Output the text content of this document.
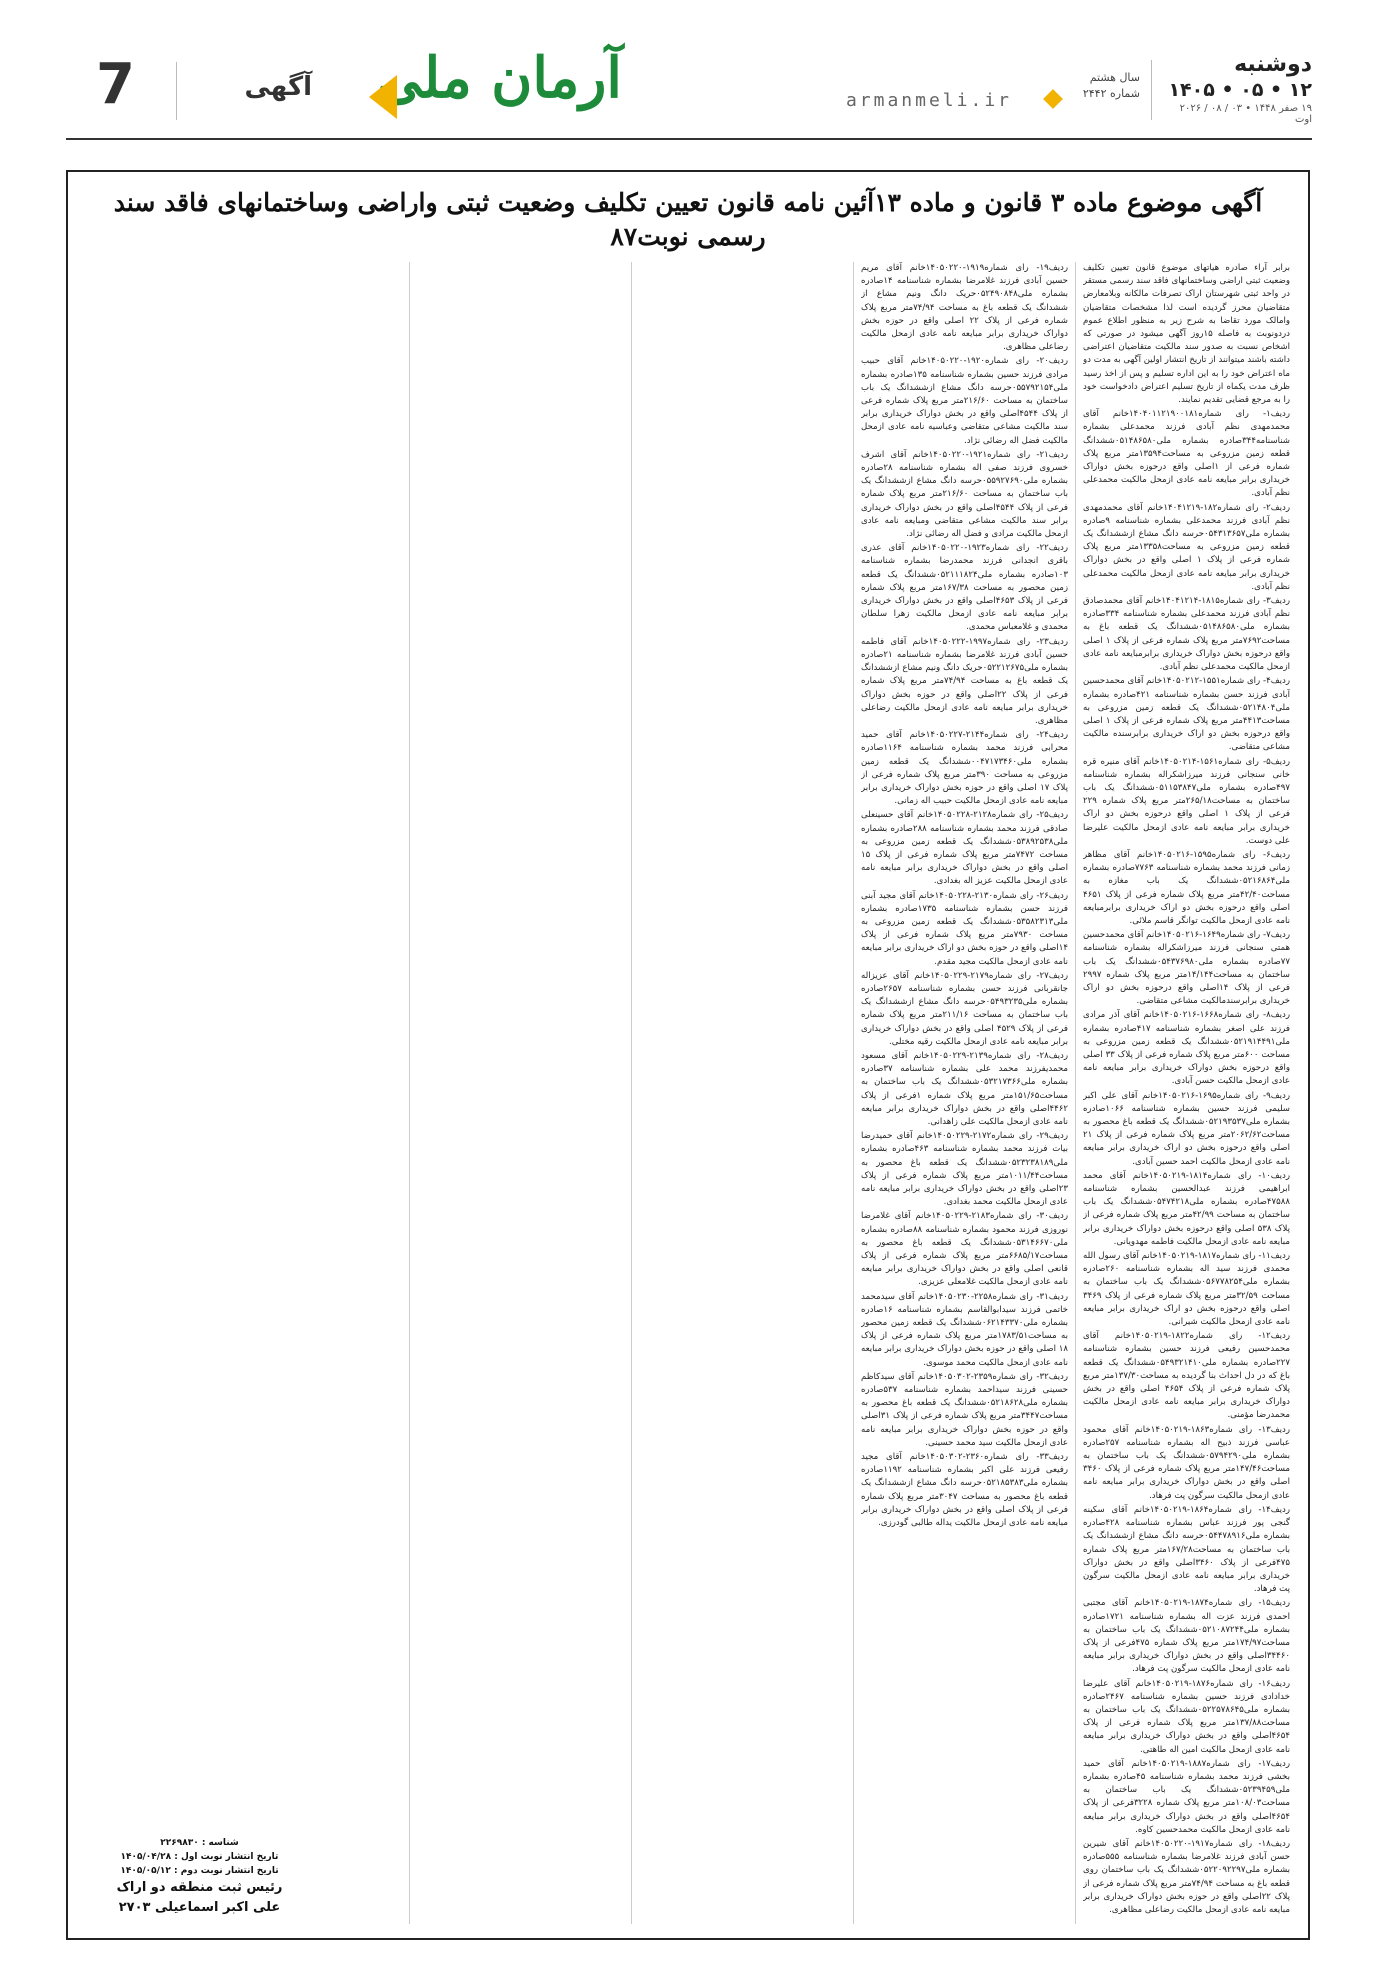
دوشنبه
۱۲ • ۰۵ • ۱۴۰۵
۱۹ صفر ۱۴۴۸ • ۰۳ / ۰۸ / ۲۰۲۶ اوت
سال هشتم
شماره ۲۴۴۲
armanmeli.ir
آرمان ملی
آگهی
7
آگهی موضوع ماده ۳ قانون و ماده ۱۳آئین نامه قانون تعیین تکلیف وضعیت ثبتی واراضی وساختمانهای فاقد سند رسمی نوبت۸۷

برابر آراء صادره هیاتهای موضوع قانون تعیین تکلیف وضعیت ثبتی اراضی وساختمانهای فاقد سند رسمی مستقر در واحد ثبتی شهرستان اراک تصرفات مالکانه وبلامعارض متقاضیان محرز گردیده است لذا مشخصات متقاضیان وامالک مورد تقاضا به شرح زیر به منظور اطلاع عموم دردونوبت به فاصله ۱۵روز آگهی میشود در صورتی که اشخاص نسبت به صدور سند مالکیت متقاضیان اعتراضی داشته باشند میتوانند از تاریخ انتشار اولین آگهی به مدت دو ماه اعتراض خود را به این اداره تسلیم و پس از اخذ رسید ظرف مدت یکماه از تاریخ تسلیم اعتراض دادخواست خود را به مرجع قضایی تقدیم نمایند.

ردیف۱- رای شماره۱۴۰۴۰۱۱۲۱۹۰۰۱۸۱خانم آقای محمدمهدی نظم آبادی فرزند محمدعلی بشماره شناسنامه۳۴۴صادره بشماره ملی۰۵۱۴۸۶۵۸۰ششدانگ قطعه زمین مزروعی به مساحت۱۳۵۹۴متر مربع پلاک شماره فرعی از ۱اصلی واقع درحوزه بخش دواراک خریداری برابر مبایعه نامه عادی ازمحل مالکیت محمدعلی نظم آبادی.

ردیف۲- رای شماره۱۸۲-۱۴۰۴۱۲۱۹خانم آقای محمدمهدی نظم آبادی فرزند محمدعلی بشماره شناسنامه ۹صادره بشماره ملی۰۵۴۳۱۳۶۵۷حرسه دانگ مشاع ازششدانگ یک قطعه زمین مزروعی به مساحت۱۳۳۵۸متر مربع پلاک شماره فرعی از پلاک ۱ اصلی واقع در بخش دواراک خریداری برابر مبایعه نامه عادی ازمحل مالکیت محمدعلی نظم آبادی.

ردیف۳- رای شماره۱۸۱۵-۱۴۰۴۱۲۱۴خانم آقای محمدصادق نظم آبادی فرزند محمدعلی بشماره شناسنامه ۳۳۴صادره بشماره ملی۰۵۱۴۸۶۵۸۰ششدانگ یک قطعه باغ به مساحت۷۶۹۲متر مربع پلاک شماره فرعی از پلاک ۱ اصلی واقع درحوزه بخش دواراک خریداری برابرمبایعه نامه عادی ازمحل مالکیت محمدعلی نظم آبادی.

ردیف۴- رای شماره۱۵۵۱-۱۴۰۵۰۲۱۲خانم آقای محمدحسین آبادی فرزند حسن بشماره شناسنامه ۴۲۱صادره بشماره ملی۰۵۲۱۴۸۰۴ششدانگ یک قطعه زمین مزروعی به مساحت۴۴۱۳متر مربع پلاک شماره فرعی از پلاک ۱ اصلی واقع درحوزه بخش دو اراک خریداری برابرسنده مالکیت مشاعی متقاضی.

ردیف۵- رای شماره۱۵۶۱-۱۴۰۵۰۲۱۴خانم آقای منیره قره خانی سنجانی فرزند میرزاشکراله بشماره شناسنامه ۴۹۷صادره بشماره ملی۰۵۱۱۵۳۸۴۷ششدانگ یک باب ساختمان به مساحت۲۶۵/۱۸متر مربع پلاک شماره ۲۲۹ فرعی از پلاک ۱ اصلی واقع درحوزه بخش دو اراک خریداری برابر مبایعه نامه عادی ازمحل مالکیت علیرضا علی دوست.

ردیف۶- رای شماره۱۵۹۵-۱۴۰۵۰۲۱۶خانم آقای مظاهر زمانی فرزند محمد بشماره شناسنامه ۷۷۶۳صادره بشماره ملی۰۵۲۱۶۸۶۴ششدانگ یک باب مغازه به مساحت۴۲/۴۰متر مربع پلاک شماره فرعی از پلاک ۴۶۵۱ اصلی واقع درحوزه بخش دو اراک خریداری برابرمبایعه نامه عادی ازمحل مالکیت توانگر قاسم ملائی.

ردیف۷- رای شماره۱۶۴۹-۱۴۰۵۰۲۱۶خانم آقای محمدحسین همتی سنجانی فرزند میرزاشکراله بشماره شناسنامه ۷۷صادره بشماره ملی۰۵۴۳۷۶۹۸۰ششدانگ یک باب ساختمان به مساحت۱۴/۱۴۴متر مربع پلاک شماره ۲۹۹۷ فرعی از پلاک ۱۴اصلی واقع درحوزه بخش دو اراک خریداری برابرسندمالکیت مشاعی متقاضی.

ردیف۸- رای شماره۱۶۶۸-۱۴۰۵۰۲۱۶خانم آقای آذر مرادی فرزند علی اصغر بشماره شناسنامه ۴۱۷صادره بشماره ملی۰۵۲۱۹۱۴۴۹۱ششدانگ یک قطعه زمین مزروعی به مساحت ۶۰۰متر مربع پلاک شماره فرعی از پلاک ۳۳ اصلی واقع درحوزه بخش دواراک خریداری برابر مبایعه نامه عادی ازمحل مالکیت حسن آبادی.

ردیف۹- رای شماره۱۶۹۵-۱۴۰۵۰۲۱۶خانم آقای علی اکبر سلیمی فرزند حسین بشماره شناسنامه ۱۰۶۶صادره بشماره ملی۰۵۲۱۹۳۵۳۷ششدانگ یک قطعه باغ محصور به مساحت۲۰۶۲/۶۲متر مربع پلاک شماره فرعی از پلاک ۲۱ اصلی واقع درحوزه بخش دو اراک خریداری برابر مبایعه نامه عادی ازمحل مالکیت احمد حسین آبادی.

ردیف۱۰- رای شماره۱۸۱۴-۱۴۰۵۰۲۱۹خانم آقای محمد ابراهیمی فرزند عبدالحسین بشماره شناسنامه ۴۷۵۸۸صادره بشماره ملی۰۵۴۷۴۲۱۸ششدانگ یک باب ساختمان به مساحت ۴۲/۹۹متر مربع پلاک شماره فرعی از پلاک ۵۳۸ اصلی واقع درحوزه بخش دواراک خریداری برابر مبایعه نامه عادی ازمحل مالکیت فاطمه مهدویانی.

ردیف۱۱- رای شماره۱۸۱۷-۱۴۰۵۰۲۱۹خانم آقای رسول الله محمدی فرزند سید اله بشماره شناسنامه ۲۶۰صادره بشماره ملی۰۵۶۷۷۸۲۵۴ششدانگ یک باب ساختمان به مساحت ۳۲/۵۹متر مربع پلاک شماره فرعی از پلاک ۳۴۶۹ اصلی واقع درحوزه بخش دو اراک خریداری برابر مبایعه نامه عادی ازمحل مالکیت شیرانی.

ردیف۱۲- رای شماره۱۸۲۲-۱۴۰۵۰۲۱۹خانم آقای محمدحسین رفیعی فرزند حسین بشماره شناسنامه ۲۲۷صادره بشماره ملی۰۵۴۹۳۲۱۴۱۰ششدانگ یک قطعه باغ که در دل احداث بنا گردیده به مساحت۱۳۷/۳۰متر مربع پلاک شماره فرعی از پلاک ۴۶۵۴ اصلی واقع در بخش دواراک خریداری برابر مبایعه نامه عادی ازمحل مالکیت محمدرضا مؤمنی.

ردیف۱۳- رای شماره۱۸۶۳-۱۴۰۵۰۲۱۹خانم آقای محمود عباسی فرزند ذبیح اله بشماره شناسنامه ۲۵۷صادره بشماره ملی۰۵۷۹۴۲۹۰ششدانگ یک باب ساختمان به مساحت۱۴۷/۴۶متر مربع پلاک شماره فرعی از پلاک ۳۴۶۰ اصلی واقع در بخش دواراک خریداری برابر مبایعه نامه عادی ازمحل مالکیت سرگون پت فرهاد.

ردیف۱۴- رای شماره۱۸۶۴-۱۴۰۵۰۲۱۹خانم آقای سکینه گنجی پور فرزند عباس بشماره شناسنامه ۴۲۸صادره بشماره ملی۰۵۴۴۷۸۹۱۶حرسه دانگ مشاع ازششدانگ یک باب ساختمان به مساحت۱۶۷/۲۸متر مربع پلاک شماره ۴۷۵فرعی از پلاک ۳۴۶۰اصلی واقع در بخش دواراک خریداری برابر مبایعه نامه عادی ازمحل مالکیت سرگون پت فرهاد.

ردیف۱۵- رای شماره۱۸۷۴-۱۴۰۵۰۲۱۹خانم آقای مجتبی احمدی فرزند عزت اله بشماره شناسنامه ۱۷۲۱صادره بشماره ملی۰۵۲۱۰۸۷۲۴۴ششدانگ یک باب ساختمان به مساحت۱۷۴/۹۷متر مربع پلاک شماره ۴۷۵فرعی از پلاک ۳۴۴۶۰اصلی واقع در بخش دواراک خریداری برابر مبایعه نامه عادی ازمحل مالکیت سرگون پت فرهاد.

ردیف۱۶- رای شماره۱۸۷۶-۱۴۰۵۰۲۱۹خانم آقای علیرضا خدادادی فرزند حسین بشماره شناسنامه ۲۴۶۷صادره بشماره ملی۰۵۲۲۵۷۸۶۴۵ششدانگ یک باب ساختمان به مساحت۱۳۷/۸۸متر مربع پلاک شماره فرعی از پلاک ۴۶۵۴اصلی واقع در بخش دواراک خریداری برابر مبایعه نامه عادی ازمحل مالکیت امین اله طاهتی.

ردیف۱۷- رای شماره۱۸۸۷-۱۴۰۵۰۲۱۹خانم آقای حمید بخشی فرزند محمد بشماره شناسنامه ۴۵صادره بشماره ملی۰۵۲۳۹۴۵۹ششدانگ یک باب ساختمان به مساحت۱۰۸/۰۳متر مربع پلاک شماره ۳۲۲۸فرعی از پلاک ۴۶۵۴اصلی واقع در بخش دواراک خریداری برابر مبایعه نامه عادی ازمحل مالکیت محمدحسین کاوه.

ردیف۱۸- رای شماره۱۹۱۷-۱۴۰۵۰۲۲۰خانم آقای شیرین حسن آبادی فرزند غلامرضا بشماره شناسنامه ۵۵۵صادره بشماره ملی۰۵۲۲۰۹۲۲۹۷ششدانگ یک باب ساختمان روی قطعه باغ به مساحت ۷۴/۹۴متر مربع پلاک شماره فرعی از پلاک ۲۲اصلی واقع در حوزه بخش دواراک خریداری برابر مبایعه نامه عادی ازمحل مالکیت رضاعلی مظاهری.

ردیف۱۹- رای شماره۱۹۱۹-۱۴۰۵۰۲۲۰خانم آقای مریم حسین آبادی فرزند غلامرضا بشماره شناسنامه ۱۴صادره بشماره ملی۰۵۲۴۹۰۸۴۸حریک دانگ ونیم مشاع از ششدانگ یک قطعه باغ به مساحت ۷۴/۹۴متر مربع پلاک شماره فرعی از پلاک ۲۲ اصلی واقع در حوزه بخش دواراک خریداری برابر مبایعه نامه عادی ازمحل مالکیت رضاعلی مظاهری.

ردیف۲۰- رای شماره۱۹۲۰-۱۴۰۵۰۲۲۰خانم آقای حبیب مرادی فرزند حسین بشماره شناسنامه ۱۳۵صادره بشماره ملی۰۵۵۷۹۲۱۵۴حرسه دانگ مشاع ازششدانگ یک باب ساختمان به مساحت ۲۱۶/۶۰متر مربع پلاک شماره فرعی از پلاک ۴۵۴۴اصلی واقع در بخش دواراک خریداری برابر سند مالکیت مشاعی متقاضی وعباسیه نامه عادی ازمحل مالکیت فضل اله رضائی نژاد.

ردیف۲۱- رای شماره۱۹۲۱-۱۴۰۵۰۲۲۰خانم آقای اشرف خسروی فرزند صفی اله بشماره شناسنامه ۲۸صادره بشماره ملی۰۵۵۹۲۷۶۹۰حرسه دانگ مشاع ازششدانگ یک باب ساختمان به مساحت ۲۱۶/۶۰متر مربع پلاک شماره فرعی از پلاک ۴۵۴۴اصلی واقع در بخش دواراک خریداری برابر سند مالکیت مشاعی متقاضی ومبایعه نامه عادی ازمحل مالکیت مرادی و فضل اله رضائی نژاد.

ردیف۲۲- رای شماره۱۹۲۳-۱۴۰۵۰۲۲۰خانم آقای عذری باقری انجدانی فرزند محمدرضا بشماره شناسنامه ۱۰۳صادره بشماره ملی۰۵۲۱۱۱۸۲۴ششدانگ یک قطعه زمین محصور به مساحت ۱۶۷/۳۸متر مربع پلاک شماره فرعی از پلاک ۴۶۵۳اصلی واقع در بخش دواراک خریداری برابر مبایعه نامه عادی ازمحل مالکیت زهرا سلطان محمدی و غلامعباس محمدی.

ردیف۲۳- رای شماره۱۹۹۷-۱۴۰۵۰۲۲۲خانم آقای فاطمه حسین آبادی فرزند غلامرضا بشماره شناسنامه ۲۱صادره بشماره ملی۰۵۲۲۱۲۶۷۵حریک دانگ ونیم مشاع ازششدانگ یک قطعه باغ به مساحت ۷۴/۹۴متر مربع پلاک شماره فرعی از پلاک ۲۲اصلی واقع در حوزه بخش دواراک خریداری برابر مبایعه نامه عادی ازمحل مالکیت رضاعلی مظاهری.

ردیف۲۴- رای شماره۲۱۴۴-۱۴۰۵۰۲۲۷خانم آقای حمید محرابی فرزند محمد بشماره شناسنامه ۱۱۶۴صادره بشماره ملی۰۰۴۷۱۷۳۴۶۰ششدانگ یک قطعه زمین مزروعی به مساحت ۳۹۰متر مربع پلاک شماره فرعی از پلاک ۱۷ اصلی واقع در حوزه بخش دواراک خریداری برابر مبایعه نامه عادی ازمحل مالکیت حبیب اله زمانی.

ردیف۲۵- رای شماره۲۱۲۸-۱۴۰۵۰۲۲۸خانم آقای حسینعلی صادقی فرزند محمد بشماره شناسنامه ۲۸۸صادره بشماره ملی۰۵۳۸۹۲۵۳۸ششدانگ یک قطعه زمین مزروعی به مساحت ۷۴۷۲متر مربع پلاک شماره فرعی از پلاک ۱۵ اصلی واقع در بخش دواراک خریداری برابر مبایعه نامه عادی ازمحل مالکیت عزیز اله بغدادی.

ردیف۲۶- رای شماره۲۱۳۰-۱۴۰۵۰۲۲۸خانم آقای مجید آبنی فرزند حسن بشماره شناسنامه ۱۷۳۵صادره بشماره ملی۰۵۳۵۸۲۳۱۳ششدانگ یک قطعه زمین مزروعی به مساحت ۷۹۳۰متر مربع پلاک شماره فرعی از پلاک ۱۴اصلی واقع در حوزه بخش دو اراک خریداری برابر مبایعه نامه عادی ازمحل مالکیت مجید مقدم.

ردیف۲۷- رای شماره۲۱۷۹-۱۴۰۵۰۲۲۹خانم آقای عزیزاله جانقربانی فرزند حسن بشماره شناسنامه ۲۶۵۷صادره بشماره ملی۰۵۴۹۳۲۳۵حرسه دانگ مشاع ازششدانگ یک باب ساختمان به مساحت ۲۱۱/۱۶متر مربع پلاک شماره فرعی از پلاک ۴۵۲۹ اصلی واقع در بخش دواراک خریداری برابر مبایعه نامه عادی ازمحل مالکیت رقیه مختلی.

ردیف۲۸- رای شماره۲۱۳۹-۱۴۰۵۰۲۲۹خانم آقای مسعود محمدیفرزند محمد علی بشماره شناسنامه ۳۷صادره بشماره ملی۰۵۳۲۱۷۳۶۶ششدانگ یک باب ساختمان به مساحت۱۵۱/۶۵متر مربع پلاک شماره ۱فرعی از پلاک ۴۴۶۲اصلی واقع در بخش دواراک خریداری برابر مبایعه نامه عادی ازمحل مالکیت علی زاهدانی.

ردیف۲۹- رای شماره۲۱۷۲-۱۴۰۵۰۲۲۹خانم آقای حمیدرضا بیات فرزند محمد بشماره شناسنامه ۴۶۳صادره بشماره ملی۰۵۲۳۲۳۸۱۸۹ششدانگ یک قطعه باغ محصور به مساحت۱۰۱۱/۴۴متر مربع پلاک شماره فرعی از پلاک ۲۳اصلی واقع در بخش دواراک خریداری برابر مبایعه نامه عادی ازمحل مالکیت محمد بغدادی.

ردیف۳۰- رای شماره۲۱۸۳-۱۴۰۵۰۲۲۹خانم آقای غلامرضا نوروزی فرزند محمود بشماره شناسنامه ۸۸صادره بشماره ملی۰۵۳۱۴۶۶۷۰ششدانگ یک قطعه باغ محصور به مساحت۶۶۸۵/۱۷متر مربع پلاک شماره فرعی از پلاک قانعی اصلی واقع در بخش دواراک خریداری برابر مبایعه نامه عادی ازمحل مالکیت غلامعلی عزیزی.

ردیف۳۱- رای شماره۲۲۵۸-۱۴۰۵۰۲۳۰خانم آقای سیدمحمد خاتمی فرزند سیدابوالقاسم بشماره شناسنامه ۱۶صادره بشماره ملی۰۶۲۱۴۳۳۷۰ششدانگ یک قطعه زمین محصور به مساحت۱۷۸۳/۵۱متر مربع پلاک شماره فرعی از پلاک ۱۸ اصلی واقع در حوزه بخش دواراک خریداری برابر مبایعه نامه عادی ازمحل مالکیت محمد موسوی.

ردیف۳۲- رای شماره۲۳۵۹-۱۴۰۵۰۳۰۲خانم آقای سیدکاظم حسینی فرزند سیداحمد بشماره شناسنامه ۵۳۷صادره بشماره ملی۰۵۲۱۸۶۲۸ششدانگ یک قطعه باغ محصور به مساحت۳۴۴۷متر مربع پلاک شماره فرعی از پلاک ۳۱اصلی واقع در حوزه بخش دواراک خریداری برابر مبایعه نامه عادی ازمحل مالکیت سید محمد حسینی.

ردیف۳۳- رای شماره۲۳۶۰-۱۴۰۵۰۳۰۲خانم آقای مجید رفیعی فرزند علی اکبر بشماره شناسنامه ۱۱۹۲صادره بشماره ملی۰۵۲۱۸۵۳۸۳حرسه دانگ مشاع ازششدانگ یک قطعه باغ محصور به مساحت ۳۰۴۷متر مربع پلاک شماره فرعی از پلاک اصلی واقع در بخش دواراک خریداری برابر مبایعه نامه عادی ازمحل مالکیت یداله طالبی گودرزی.

شناسه : ۲۲۶۹۸۳۰
تاریخ انتشار نوبت اول : ۱۴۰۵/۰۴/۲۸
تاریخ انتشار نوبت دوم : ۱۴۰۵/۰۵/۱۲
رئیس ثبت منطقه دو اراک
علی اکبر اسماعیلی ۲۷۰۳
